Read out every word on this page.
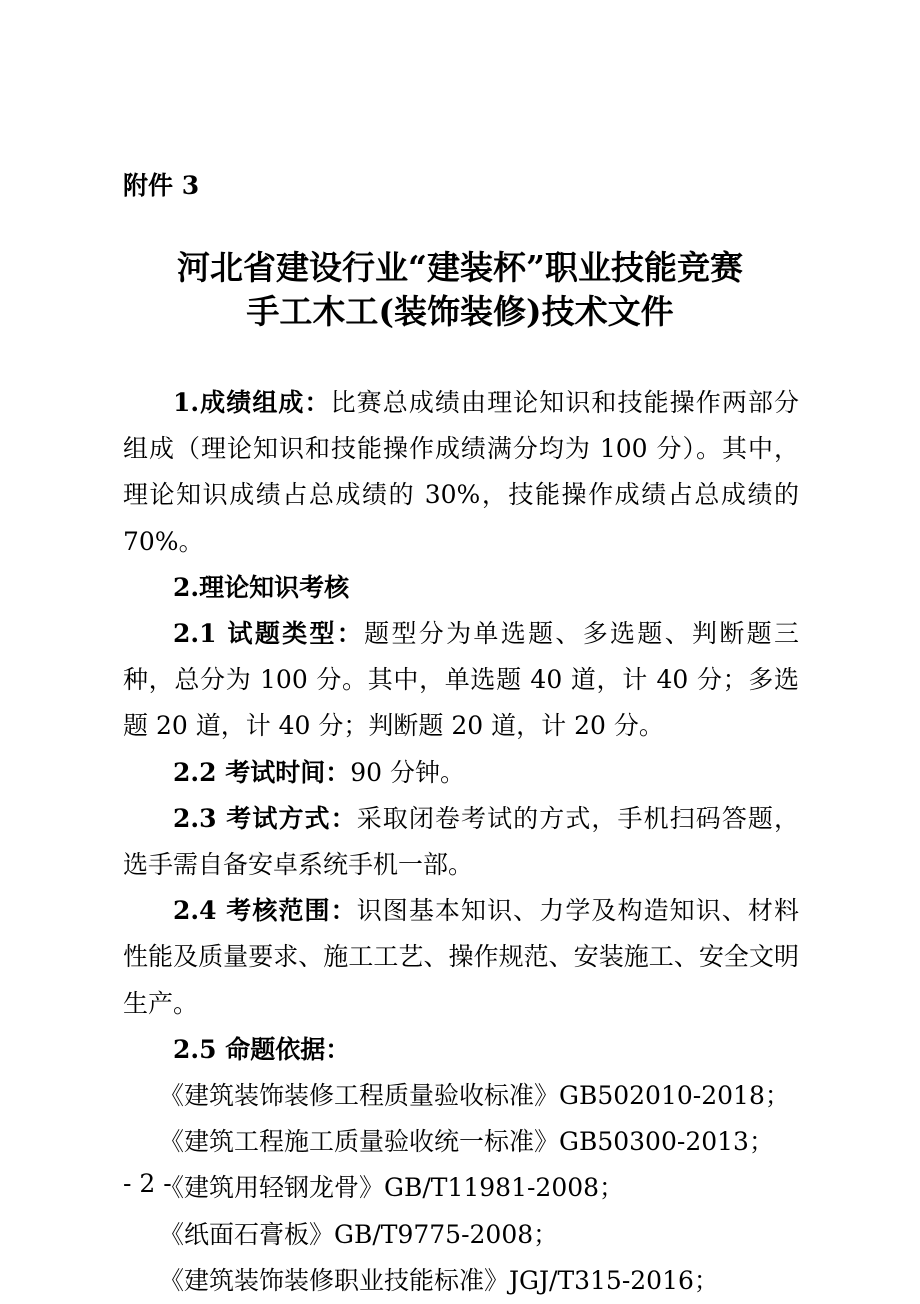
附件 3
河北省建设行业“建装杯”职业技能竞赛
手工木工(装饰装修)技术文件

1.成绩组成：比赛总成绩由理论知识和技能操作两部分组成（理论知识和技能操作成绩满分均为 100 分）。其中，理论知识成绩占总成绩的 30%，技能操作成绩占总成绩的 70%。

2.理论知识考核

2.1 试题类型：题型分为单选题、多选题、判断题三种，总分为 100 分。其中，单选题 40 道，计 40 分；多选题 20 道，计 40 分；判断题 20 道，计 20 分。

2.2 考试时间：90 分钟。

2.3 考试方式：采取闭卷考试的方式，手机扫码答题，选手需自备安卓系统手机一部。

2.4 考核范围：识图基本知识、力学及构造知识、材料性能及质量要求、施工工艺、操作规范、安装施工、安全文明生产。

2.5 命题依据：

《建筑装饰装修工程质量验收标准》GB502010-2018；

《建筑工程施工质量验收统一标准》GB50300-2013；

《建筑用轻钢龙骨》GB/T11981-2008；

《纸面石膏板》GB/T9775-2008；

《建筑装饰装修职业技能标准》JGJ/T315-2016；

- 2 -
